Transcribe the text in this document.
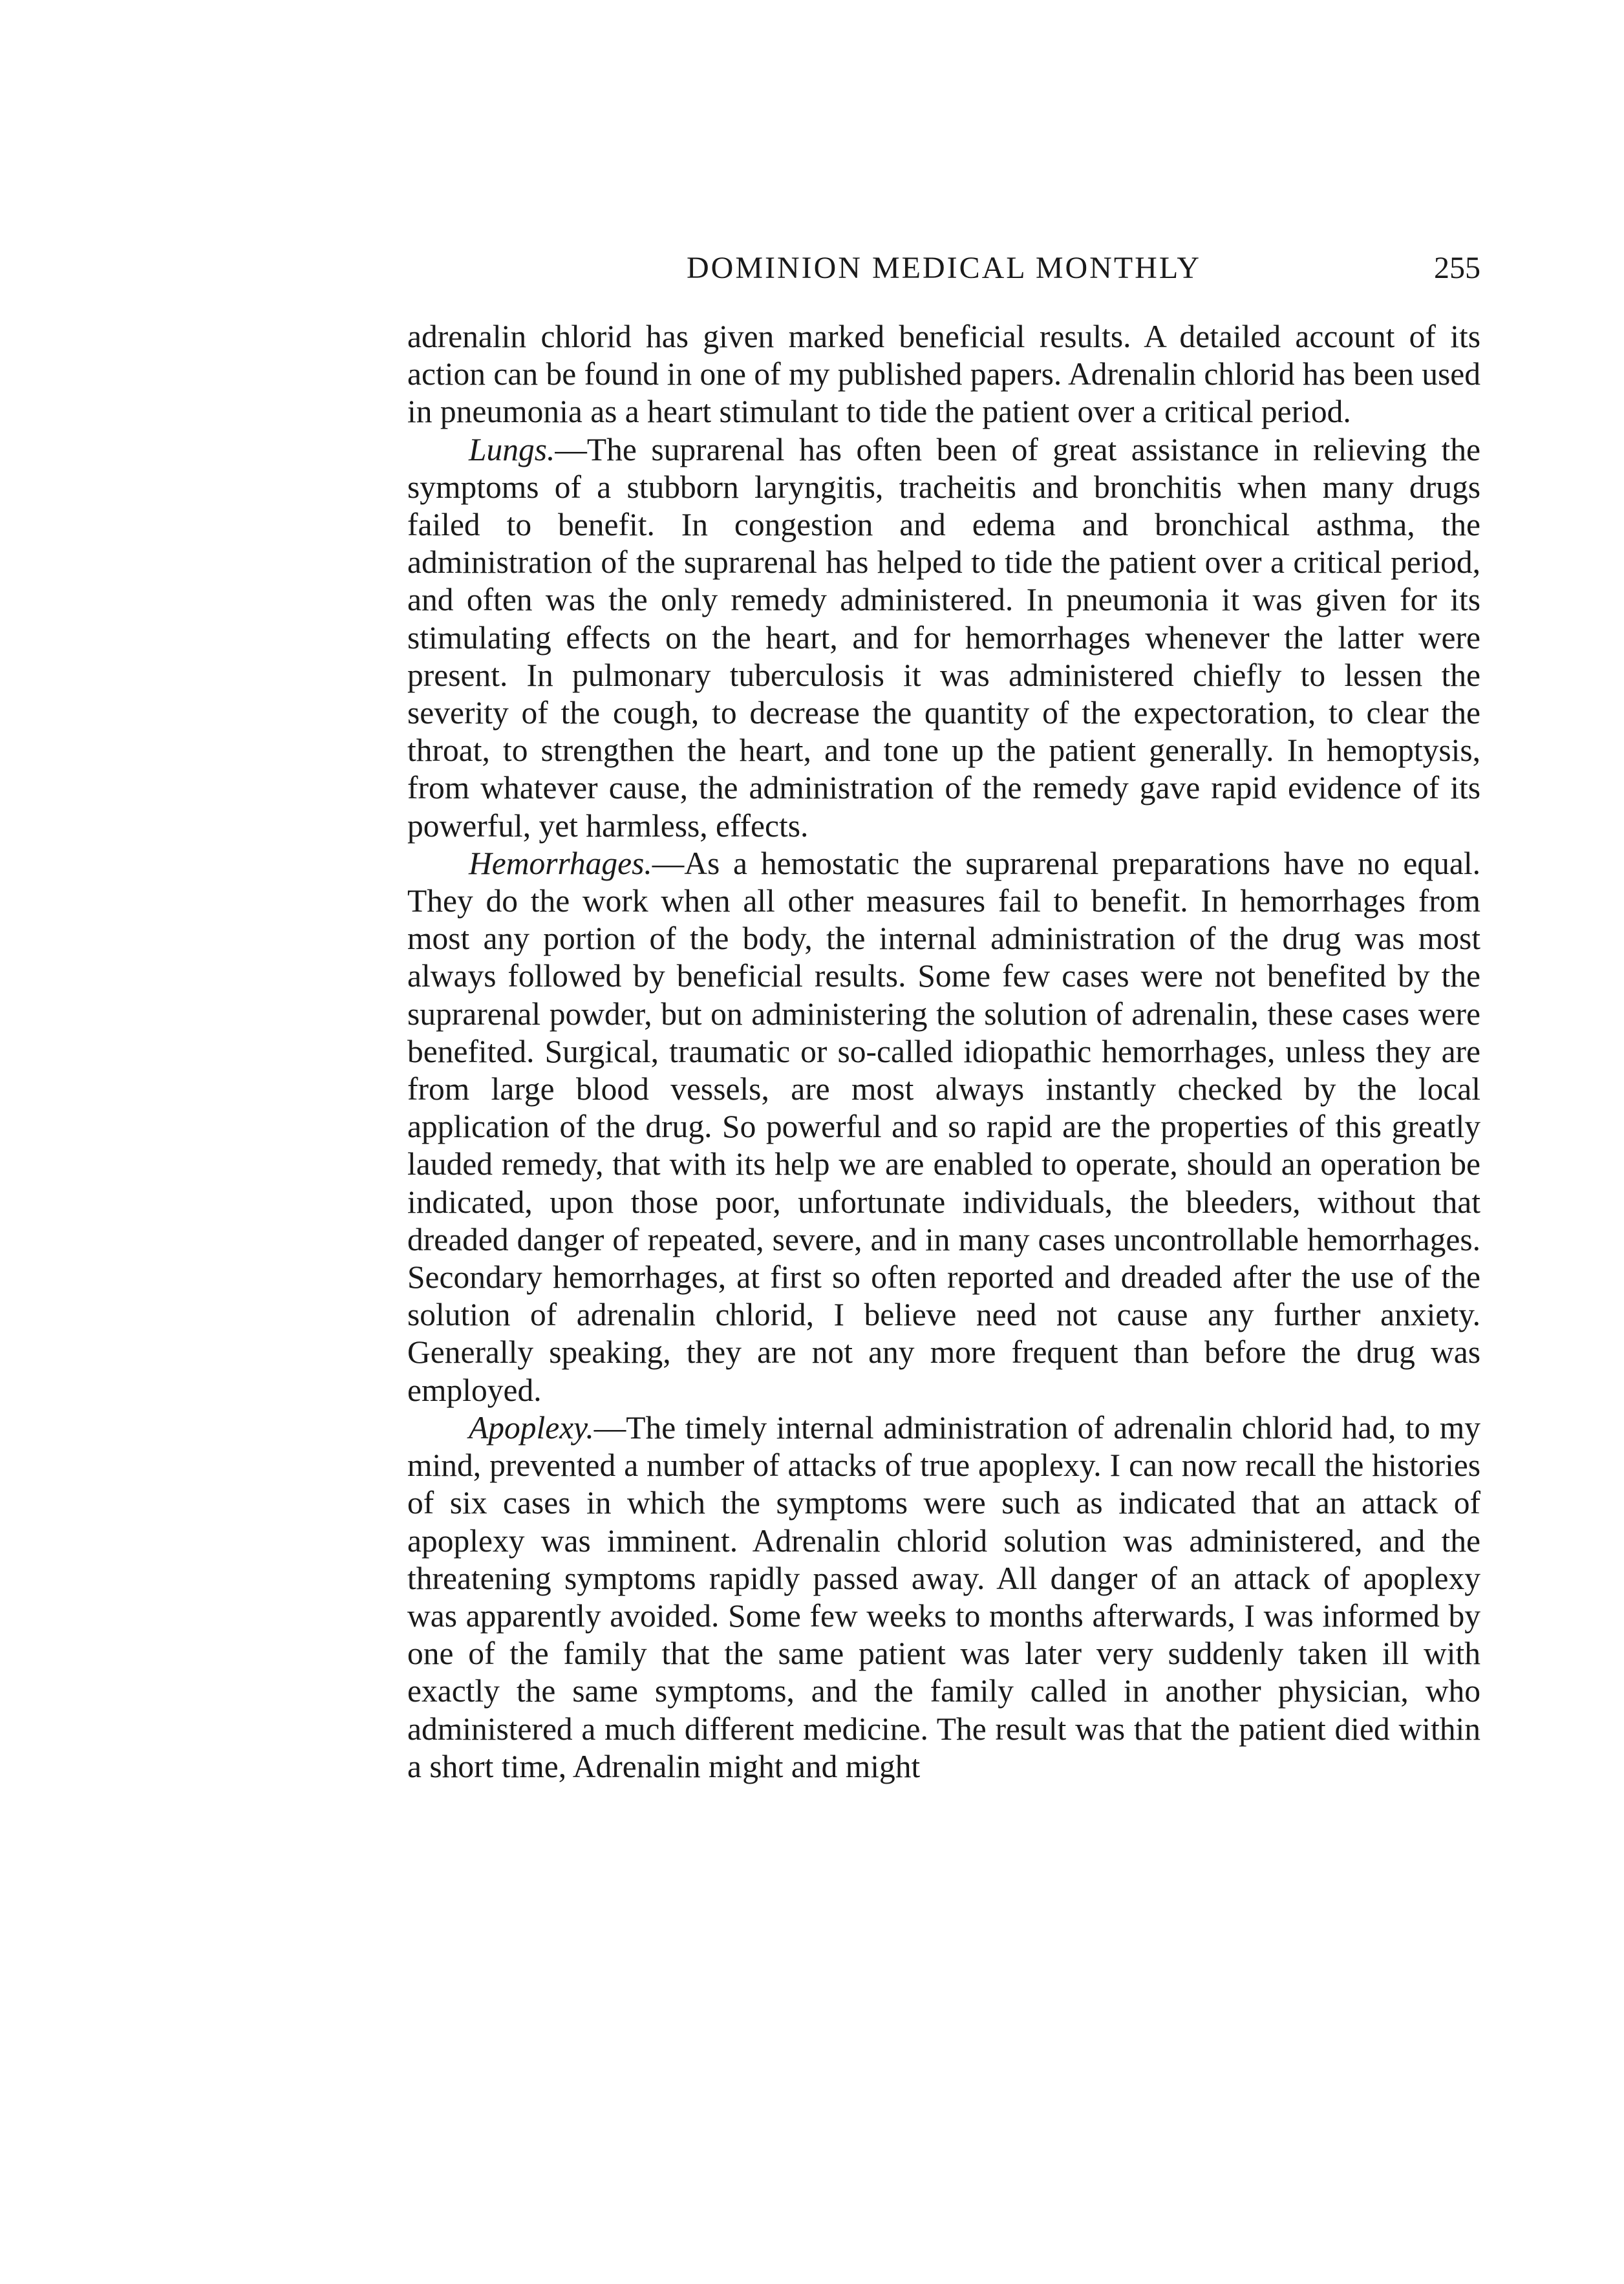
DOMINION MEDICAL MONTHLY	255

adrenalin chlorid has given marked beneficial results. A detailed account of its action can be found in one of my published papers. Adrenalin chlorid has been used in pneumonia as a heart stimulant to tide the patient over a critical period.

Lungs.—The suprarenal has often been of great assistance in relieving the symptoms of a stubborn laryngitis, tracheitis and bronchitis when many drugs failed to benefit. In congestion and edema and bronchical asthma, the administration of the suprarenal has helped to tide the patient over a critical period, and often was the only remedy administered. In pneumonia it was given for its stimulating effects on the heart, and for hemorrhages whenever the latter were present. In pulmonary tuberculosis it was administered chiefly to lessen the severity of the cough, to decrease the quantity of the expectoration, to clear the throat, to strengthen the heart, and tone up the patient generally. In hemoptysis, from whatever cause, the administration of the remedy gave rapid evidence of its powerful, yet harmless, effects.

Hemorrhages.—As a hemostatic the suprarenal preparations have no equal. They do the work when all other measures fail to benefit. In hemorrhages from most any portion of the body, the internal administration of the drug was most always followed by beneficial results. Some few cases were not benefited by the suprarenal powder, but on administering the solution of adrenalin, these cases were benefited. Surgical, traumatic or so-called idiopathic hemorrhages, unless they are from large blood vessels, are most always instantly checked by the local application of the drug. So powerful and so rapid are the properties of this greatly lauded remedy, that with its help we are enabled to operate, should an operation be indicated, upon those poor, unfortunate individuals, the bleeders, without that dreaded danger of repeated, severe, and in many cases uncontrollable hemorrhages. Secondary hemorrhages, at first so often reported and dreaded after the use of the solution of adrenalin chlorid, I believe need not cause any further anxiety. Generally speaking, they are not any more frequent than before the drug was employed.

Apoplexy.—The timely internal administration of adrenalin chlorid had, to my mind, prevented a number of attacks of true apoplexy. I can now recall the histories of six cases in which the symptoms were such as indicated that an attack of apoplexy was imminent. Adrenalin chlorid solution was administered, and the threatening symptoms rapidly passed away. All danger of an attack of apoplexy was apparently avoided. Some few weeks to months afterwards, I was informed by one of the family that the same patient was later very suddenly taken ill with exactly the same symptoms, and the family called in another physician, who administered a much different medicine. The result was that the patient died within a short time, Adrenalin might and might
